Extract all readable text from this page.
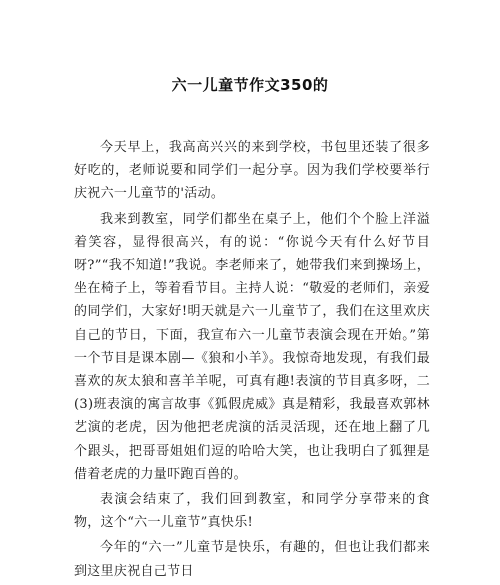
六一儿童节作文350的

今天早上，我高高兴兴的来到学校，书包里还装了很多好吃的，老师说要和同学们一起分享。因为我们学校要举行庆祝六一儿童节的'活动。

我来到教室，同学们都坐在桌子上，他们个个脸上洋溢着笑容，显得很高兴，有的说：“你说今天有什么好节目呀?”“我不知道!”我说。李老师来了，她带我们来到操场上，坐在椅子上，等着看节目。主持人说：“敬爱的老师们，亲爱的同学们，大家好!明天就是六一儿童节了，我们在这里欢庆自己的节日，下面，我宣布六一儿童节表演会现在开始。”第一个节目是课本剧—《狼和小羊》。我惊奇地发现，有我们最喜欢的灰太狼和喜羊羊呢，可真有趣!表演的节目真多呀，二(3)班表演的寓言故事《狐假虎威》真是精彩，我最喜欢郭林艺演的老虎，因为他把老虎演的活灵活现，还在地上翻了几个跟头，把哥哥姐姐们逗的哈哈大笑，也让我明白了狐狸是借着老虎的力量吓跑百兽的。

表演会结束了，我们回到教室，和同学分享带来的食物，这个“六一儿童节”真快乐!

今年的“六一”儿童节是快乐，有趣的，但也让我们都来到这里庆祝自己节日
